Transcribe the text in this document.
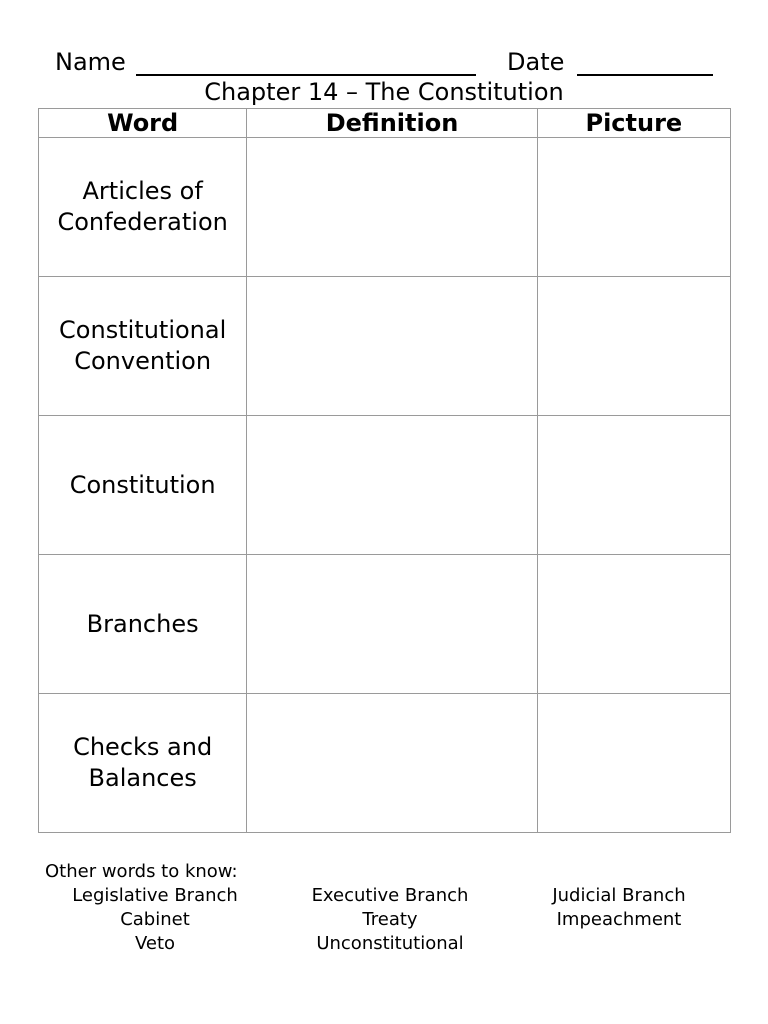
Name	Date
Chapter 14 – The Constitution
Word	Definition	Picture

Articles of
Confederation		

Constitutional
Convention		

Constitution		

Branches		

Checks and
Balances		

Other words to know:
Legislative Branch
Cabinet
Veto
Executive Branch
Treaty
Unconstitutional
Judicial Branch
Impeachment
